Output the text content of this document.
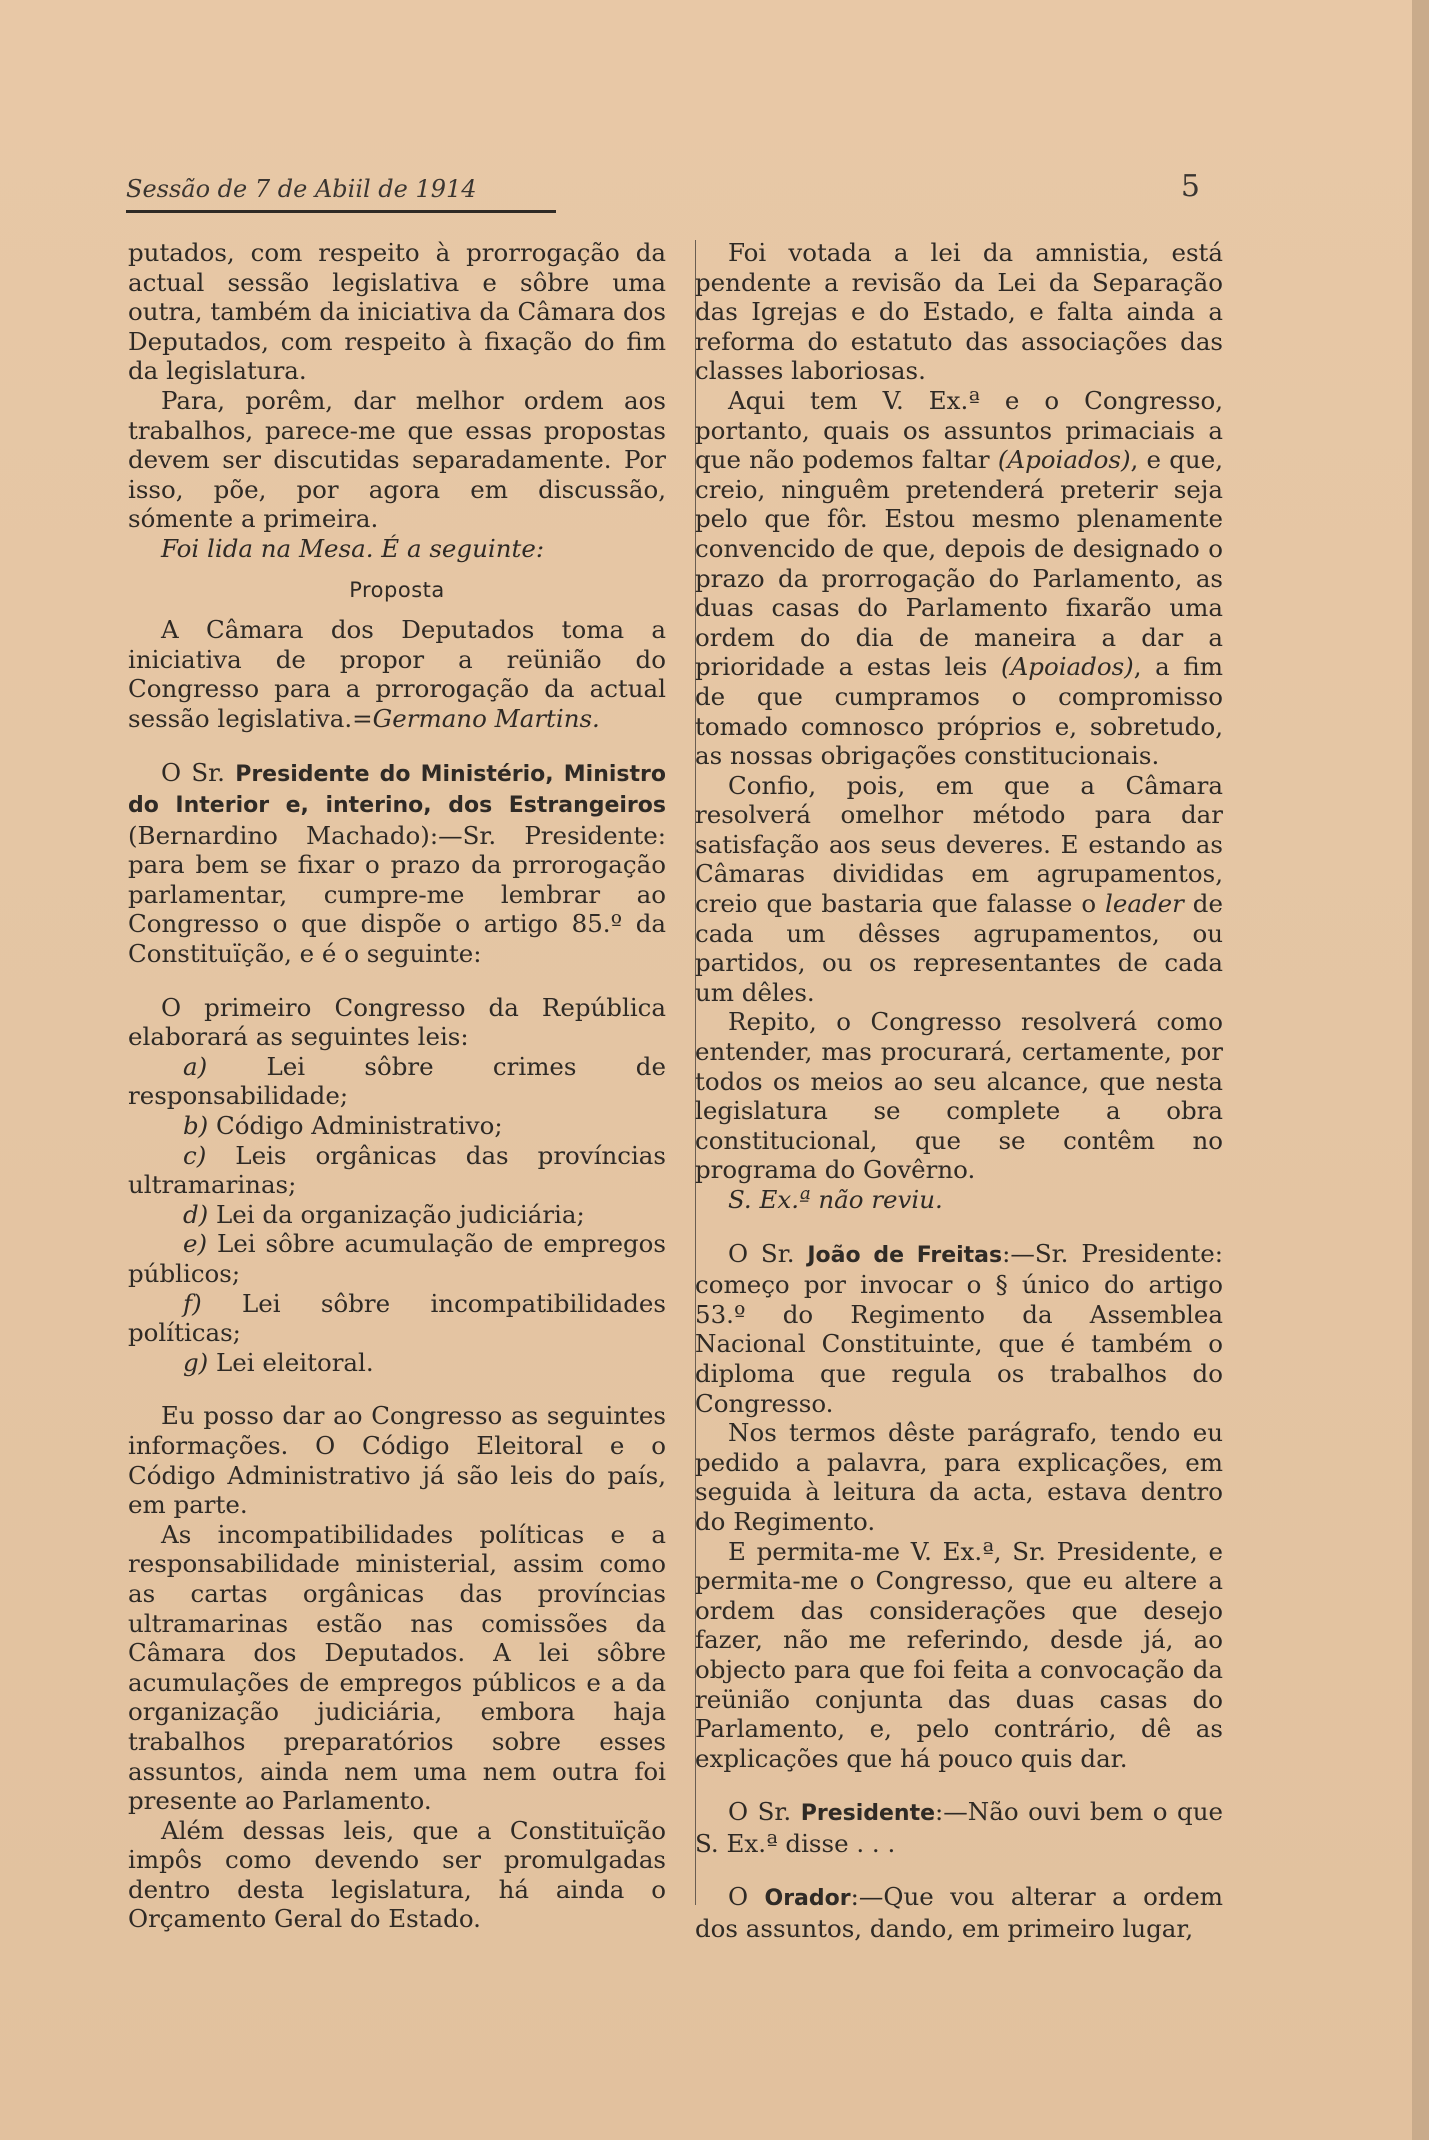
Sessão de 7 de Abiil de 1914	5

putados, com respeito à prorrogação da actual sessão legislativa e sôbre uma outra, também da iniciativa da Câmara dos Deputados, com respeito à fixação do fim da legislatura.

Para, porêm, dar melhor ordem aos trabalhos, parece-me que essas propostas devem ser discutidas separadamente. Por isso, põe, por agora em discussão, sómente a primeira.

Foi lida na Mesa. É a seguinte:

Proposta

A Câmara dos Deputados toma a iniciativa de propor a reünião do Congresso para a prrorogação da actual sessão legislativa.=Germano Martins.

O Sr. Presidente do Ministério, Ministro do Interior e, interino, dos Estrangeiros (Bernardino Machado):—Sr. Presidente: para bem se fixar o prazo da prrorogação parlamentar, cumpre-me lembrar ao Congresso o que dispõe o artigo 85.º da Constituïção, e é o seguinte:

O primeiro Congresso da República elaborará as seguintes leis:

a) Lei sôbre crimes de responsabilidade;

b) Código Administrativo;

c) Leis orgânicas das províncias ultramarinas;

d) Lei da organização judiciária;

e) Lei sôbre acumulação de empregos públicos;

f) Lei sôbre incompatibilidades políticas;

g) Lei eleitoral.

Eu posso dar ao Congresso as seguintes informações. O Código Eleitoral e o Código Administrativo já são leis do país, em parte.

As incompatibilidades políticas e a responsabilidade ministerial, assim como as cartas orgânicas das províncias ultramarinas estão nas comissões da Câmara dos Deputados. A lei sôbre acumulações de empregos públicos e a da organização judiciária, embora haja trabalhos preparatórios sobre esses assuntos, ainda nem uma nem outra foi presente ao Parlamento.

Além dessas leis, que a Constituïção impôs como devendo ser promulgadas dentro desta legislatura, há ainda o Orçamento Geral do Estado.

Foi votada a lei da amnistia, está pendente a revisão da Lei da Separação das Igrejas e do Estado, e falta ainda a reforma do estatuto das associações das classes laboriosas.

Aqui tem V. Ex.ª e o Congresso, portanto, quais os assuntos primaciais a que não podemos faltar (Apoiados), e que, creio, ninguêm pretenderá preterir seja pelo que fôr. Estou mesmo plenamente convencido de que, depois de designado o prazo da prorrogação do Parlamento, as duas casas do Parlamento fixarão uma ordem do dia de maneira a dar a prioridade a estas leis (Apoiados), a fim de que cumpramos o compromisso tomado comnosco próprios e, sobretudo, as nossas obrigações constitucionais.

Confio, pois, em que a Câmara resolverá omelhor método para dar satisfação aos seus deveres. E estando as Câmaras divididas em agrupamentos, creio que bastaria que falasse o leader de cada um dêsses agrupamentos, ou partidos, ou os representantes de cada um dêles.

Repito, o Congresso resolverá como entender, mas procurará, certamente, por todos os meios ao seu alcance, que nesta legislatura se complete a obra constitucional, que se contêm no programa do Govêrno.

S. Ex.ª não reviu.

O Sr. João de Freitas:—Sr. Presidente: começo por invocar o § único do artigo 53.º do Regimento da Assemblea Nacional Constituinte, que é também o diploma que regula os trabalhos do Congresso.

Nos termos dêste parágrafo, tendo eu pedido a palavra, para explicações, em seguida à leitura da acta, estava dentro do Regimento.

E permita-me V. Ex.ª, Sr. Presidente, e permita-me o Congresso, que eu altere a ordem das considerações que desejo fazer, não me referindo, desde já, ao objecto para que foi feita a convocação da reünião conjunta das duas casas do Parlamento, e, pelo contrário, dê as explicações que há pouco quis dar.

O Sr. Presidente:—Não ouvi bem o que S. Ex.ª disse . . .

O Orador:—Que vou alterar a ordem dos assuntos, dando, em primeiro lugar,
